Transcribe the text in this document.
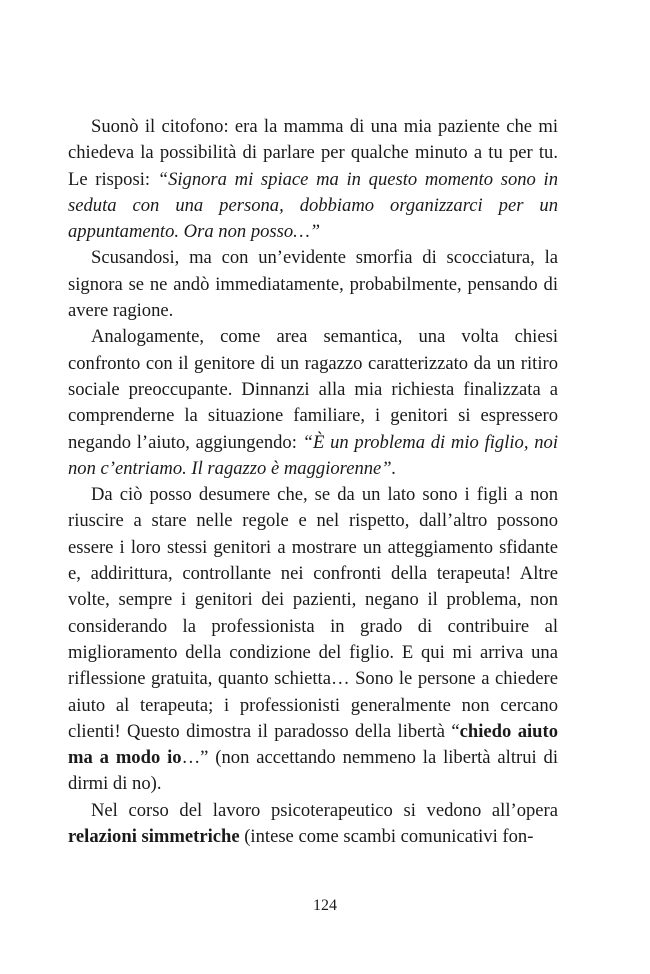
Suonò il citofono: era la mamma di una mia paziente che mi chiedeva la possibilità di parlare per qualche minuto a tu per tu. Le risposi: “Signora mi spiace ma in questo momento sono in seduta con una persona, dobbiamo organizzarci per un appuntamento. Ora non posso…”

Scusandosi, ma con un’evidente smorfia di scocciatura, la signora se ne andò immediatamente, probabilmente, pensando di avere ragione.

Analogamente, come area semantica, una volta chiesi confronto con il genitore di un ragazzo caratterizzato da un ritiro sociale preoccupante. Dinnanzi alla mia richiesta finalizzata a comprenderne la situazione familiare, i genitori si espressero negando l’aiuto, aggiungendo: “È un problema di mio figlio, noi non c’entriamo. Il ragazzo è maggiorenne”.

Da ciò posso desumere che, se da un lato sono i figli a non riuscire a stare nelle regole e nel rispetto, dall’altro possono essere i loro stessi genitori a mostrare un atteggiamento sfidante e, addirittura, controllante nei confronti della terapeuta! Altre volte, sempre i genitori dei pazienti, negano il problema, non considerando la professionista in grado di contribuire al miglioramento della condizione del figlio. E qui mi arriva una riflessione gratuita, quanto schietta… Sono le persone a chiedere aiuto al terapeuta; i professionisti generalmente non cercano clienti! Questo dimostra il paradosso della libertà “chiedo aiuto ma a modo io…” (non accettando nemmeno la libertà altrui di dirmi di no).

Nel corso del lavoro psicoterapeutico si vedono all’opera relazioni simmetriche (intese come scambi comunicativi fon-

124
